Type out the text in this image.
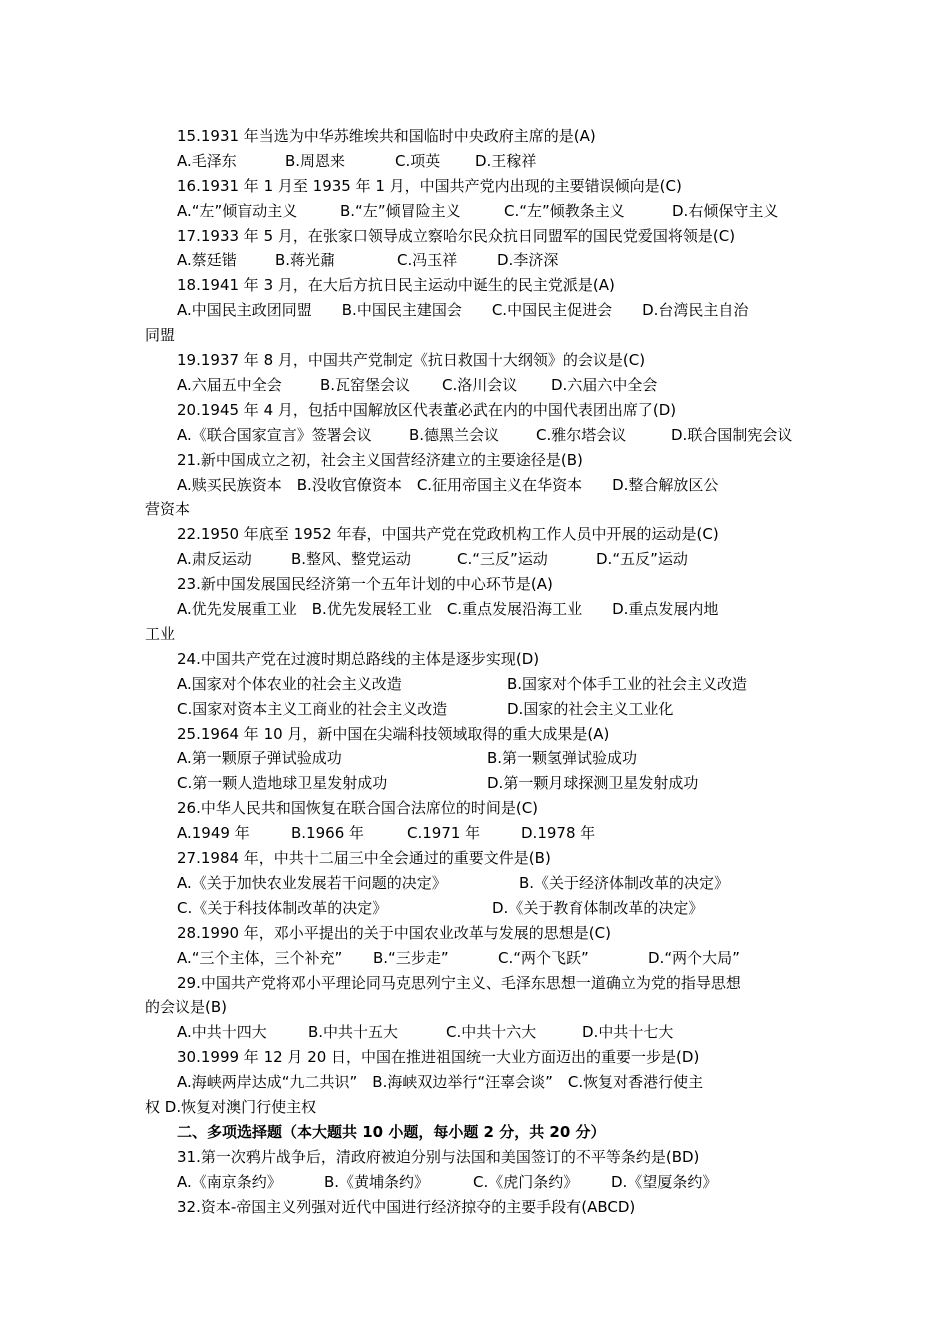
15.1931 年当选为中华苏维埃共和国临时中央政府主席的是(A)
A.毛泽东	B.周恩来	C.项英	D.王稼祥
16.1931 年 1 月至 1935 年 1 月，中国共产党内出现的主要错误倾向是(C)
A.“左”倾盲动主义	B.“左”倾冒险主义	C.“左”倾教条主义	D.右倾保守主义
17.1933 年 5 月，在张家口领导成立察哈尔民众抗日同盟军的国民党爱国将领是(C)
A.蔡廷锴	B.蒋光鼐	C.冯玉祥	D.李济深
18.1941 年 3 月，在大后方抗日民主运动中诞生的民主党派是(A)
A.中国民主政团同盟　　B.中国民主建国会　　C.中国民主促进会　　D.台湾民主自治
同盟
19.1937 年 8 月，中国共产党制定《抗日救国十大纲领》的会议是(C)
A.六届五中全会	B.瓦窑堡会议	C.洛川会议	D.六届六中全会
20.1945 年 4 月，包括中国解放区代表董必武在内的中国代表团出席了(D)
A.《联合国家宣言》签署会议	B.德黑兰会议	C.雅尔塔会议	D.联合国制宪会议
21.新中国成立之初，社会主义国营经济建立的主要途径是(B)
A.赎买民族资本　B.没收官僚资本　C.征用帝国主义在华资本　　D.整合解放区公
营资本
22.1950 年底至 1952 年春，中国共产党在党政机构工作人员中开展的运动是(C)
A.肃反运动	B.整风、整党运动	C.“三反”运动	D.“五反”运动
23.新中国发展国民经济第一个五年计划的中心环节是(A)
A.优先发展重工业　B.优先发展轻工业　C.重点发展沿海工业　　D.重点发展内地
工业
24.中国共产党在过渡时期总路线的主体是逐步实现(D)
A.国家对个体农业的社会主义改造	B.国家对个体手工业的社会主义改造
C.国家对资本主义工商业的社会主义改造	D.国家的社会主义工业化
25.1964 年 10 月，新中国在尖端科技领域取得的重大成果是(A)
A.第一颗原子弹试验成功	B.第一颗氢弹试验成功
C.第一颗人造地球卫星发射成功	D.第一颗月球探测卫星发射成功
26.中华人民共和国恢复在联合国合法席位的时间是(C)
A.1949 年	B.1966 年	C.1971 年	D.1978 年
27.1984 年，中共十二届三中全会通过的重要文件是(B)
A.《关于加快农业发展若干问题的决定》	B.《关于经济体制改革的决定》
C.《关于科技体制改革的决定》	D.《关于教育体制改革的决定》
28.1990 年，邓小平提出的关于中国农业改革与发展的思想是(C)
A.“三个主体，三个补充”	B.“三步走”	C.“两个飞跃”	D.“两个大局”
29.中国共产党将邓小平理论同马克思列宁主义、毛泽东思想一道确立为党的指导思想
的会议是(B)
A.中共十四大	B.中共十五大	C.中共十六大	D.中共十七大
30.1999 年 12 月 20 日，中国在推进祖国统一大业方面迈出的重要一步是(D)
A.海峡两岸达成“九二共识”　B.海峡双边举行“汪辜会谈”　C.恢复对香港行使主
权 D.恢复对澳门行使主权
二、多项选择题（本大题共 10 小题，每小题 2 分，共 20 分）
31.第一次鸦片战争后，清政府被迫分别与法国和美国签订的不平等条约是(BD)
A.《南京条约》	B.《黄埔条约》	C.《虎门条约》	D.《望厦条约》
32.资本-帝国主义列强对近代中国进行经济掠夺的主要手段有(ABCD)
